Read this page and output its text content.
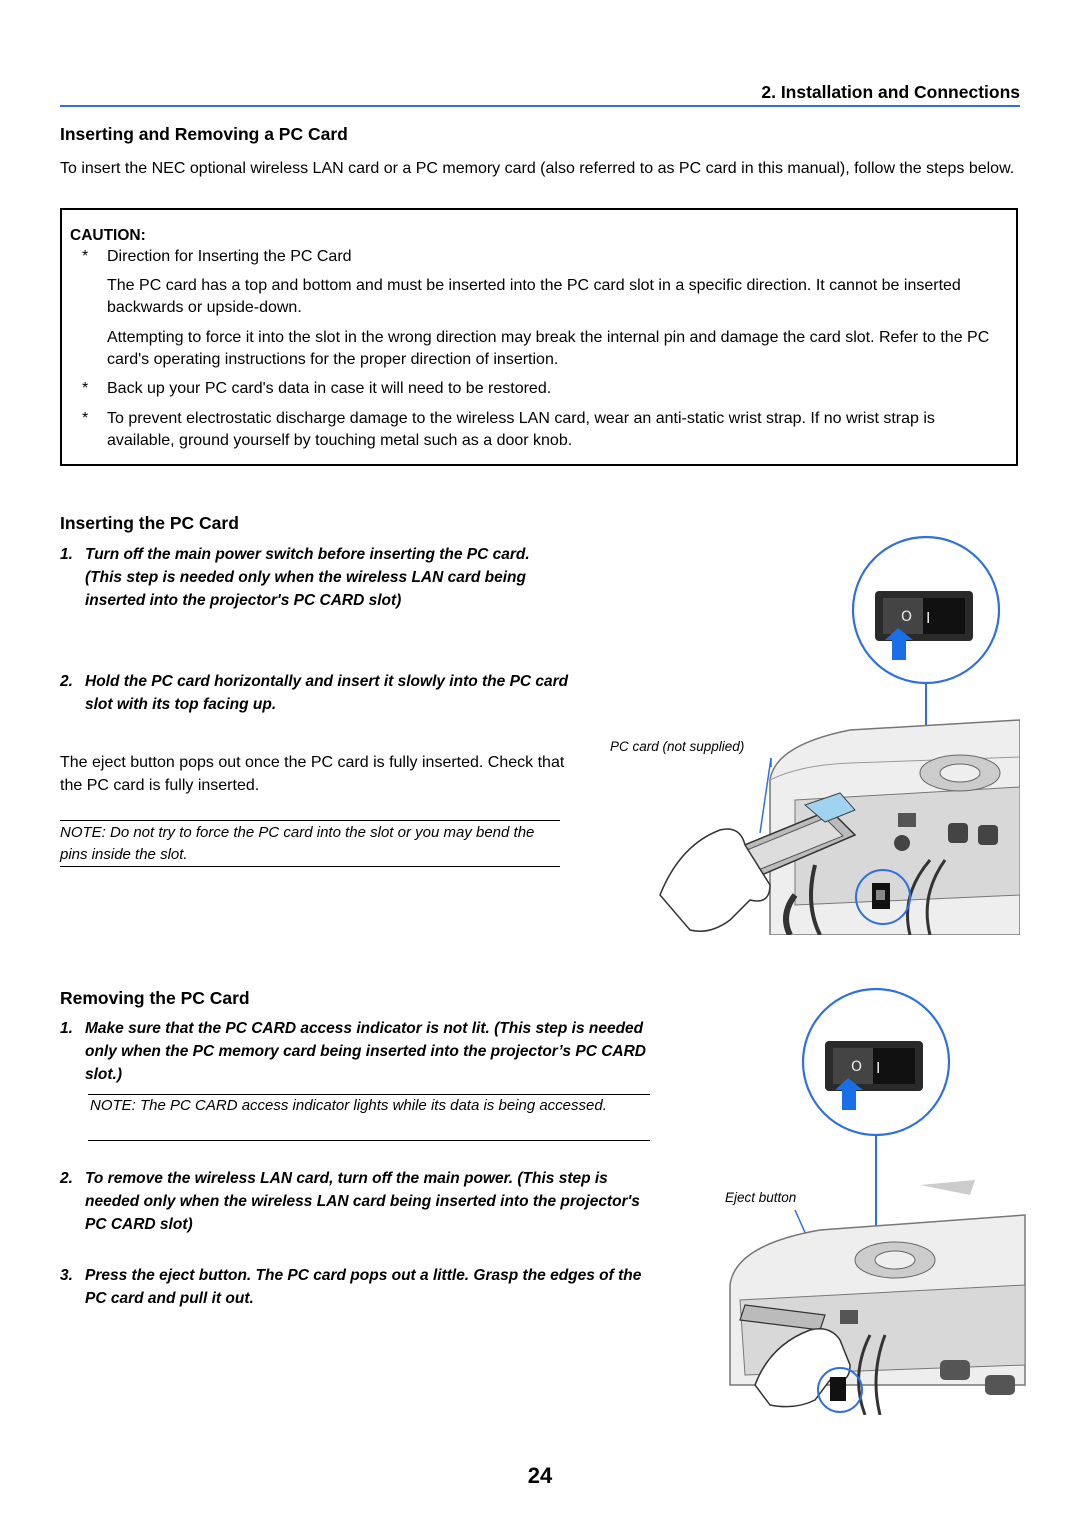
2. Installation and Connections
Inserting and Removing a PC Card
To insert the NEC optional wireless LAN card or a PC memory card (also referred to as PC card in this manual), follow the steps below.
CAUTION:
* Direction for Inserting the PC Card
The PC card has a top and bottom and must be inserted into the PC card slot in a specific direction. It cannot be inserted backwards or upside-down.
Attempting to force it into the slot in the wrong direction may break the internal pin and damage the card slot. Refer to the PC card's operating instructions for the proper direction of insertion.
* Back up your PC card's data in case it will need to be restored.
* To prevent electrostatic discharge damage to the wireless LAN card, wear an anti-static wrist strap. If no wrist strap is available, ground yourself by touching metal such as a door knob.
Inserting the PC Card
1. Turn off the main power switch before inserting the PC card. (This step is needed only when the wireless LAN card being inserted into the projector's PC CARD slot)
2. Hold the PC card horizontally and insert it slowly into the PC card slot with its top facing up.
The eject button pops out once the PC card is fully inserted. Check that the PC card is fully inserted.
NOTE: Do not try to force the PC card into the slot or you may bend the pins inside the slot.
PC card (not supplied)
O I
Removing the PC Card
1. Make sure that the PC CARD access indicator is not lit. (This step is needed only when the PC memory card being inserted into the projector’s PC CARD slot.)
NOTE: The PC CARD access indicator lights while its data is being accessed.
2. To remove the wireless LAN card, turn off the main power. (This step is needed only when the wireless LAN card being inserted into the projector's PC CARD slot)
3. Press the eject button. The PC card pops out a little. Grasp the edges of the PC card and pull it out.
Eject button
O I
24
